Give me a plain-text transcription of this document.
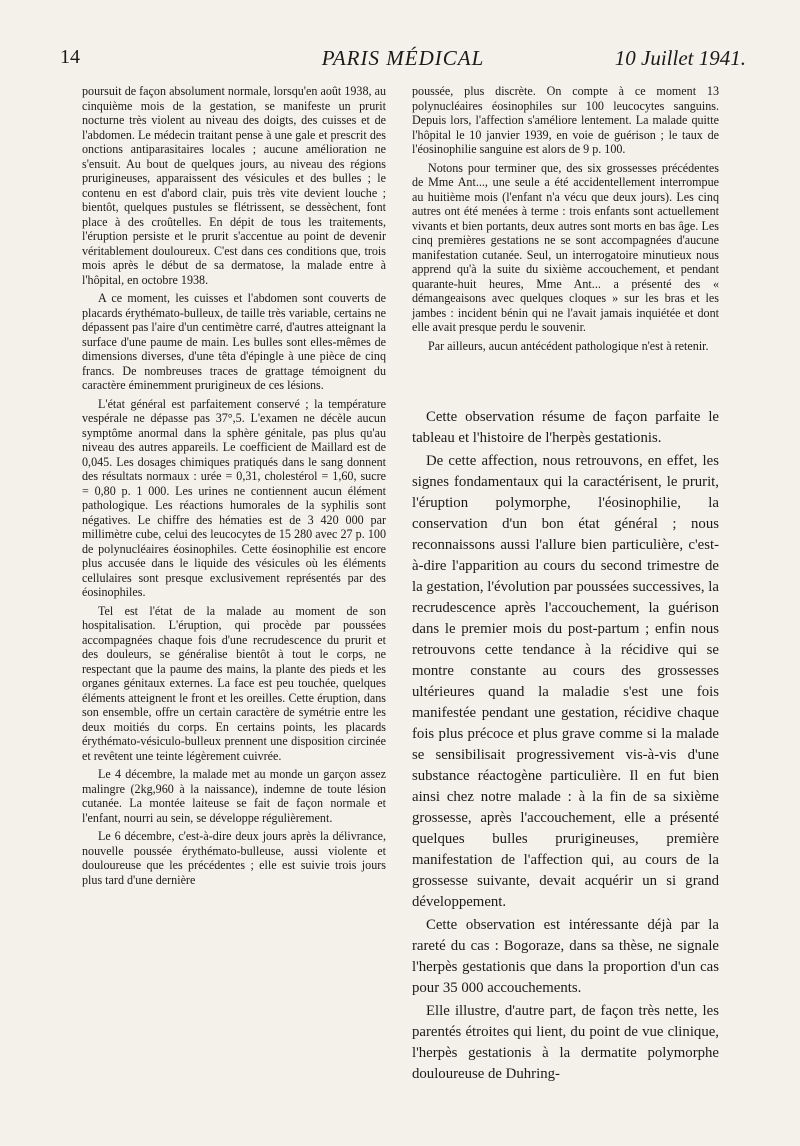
14	PARIS MÉDICAL	10 Juillet 1941.

poursuit de façon absolument normale, lorsqu'en août 1938, au cinquième mois de la gestation, se manifeste un prurit nocturne très violent au niveau des doigts, des cuisses et de l'abdomen. Le médecin traitant pense à une gale et prescrit des onctions antiparasitaires locales ; aucune amélioration ne s'ensuit. Au bout de quelques jours, au niveau des régions prurigineuses, apparaissent des vésicules et des bulles ; le contenu en est d'abord clair, puis très vite devient louche ; bientôt, quelques pustules se flétrissent, se dessèchent, font place à des croûtelles. En dépit de tous les traitements, l'éruption persiste et le prurit s'accentue au point de devenir véritablement douloureux. C'est dans ces conditions que, trois mois après le début de sa dermatose, la malade entre à l'hôpital, en octobre 1938.

A ce moment, les cuisses et l'abdomen sont couverts de placards érythémato-bulleux, de taille très variable, certains ne dépassent pas l'aire d'un centimètre carré, d'autres atteignant la surface d'une paume de main. Les bulles sont elles-mêmes de dimensions diverses, d'une têta d'épingle à une pièce de cinq francs. De nombreuses traces de grattage témoignent du caractère éminemment prurigineux de ces lésions.

L'état général est parfaitement conservé ; la température vespérale ne dépasse pas 37°,5. L'examen ne décèle aucun symptôme anormal dans la sphère génitale, pas plus qu'au niveau des autres appareils. Le coefficient de Maillard est de 0,045. Les dosages chimiques pratiqués dans le sang donnent des résultats normaux : urée = 0,31, cholestérol = 1,60, sucre = 0,80 p. 1 000. Les urines ne contiennent aucun élément pathologique. Les réactions humorales de la syphilis sont négatives. Le chiffre des hématies est de 3 420 000 par millimètre cube, celui des leucocytes de 15 280 avec 27 p. 100 de polynucléaires éosinophiles. Cette éosinophilie est encore plus accusée dans le liquide des vésicules où les éléments cellulaires sont presque exclusivement représentés par des éosinophiles.

Tel est l'état de la malade au moment de son hospitalisation. L'éruption, qui procède par poussées accompagnées chaque fois d'une recrudescence du prurit et des douleurs, se généralise bientôt à tout le corps, ne respectant que la paume des mains, la plante des pieds et les organes génitaux externes. La face est peu touchée, quelques éléments atteignent le front et les oreilles. Cette éruption, dans son ensemble, offre un certain caractère de symétrie entre les deux moitiés du corps. En certains points, les placards érythémato-vésiculo-bulleux prennent une disposition circinée et revêtent une teinte légèrement cuivrée.

Le 4 décembre, la malade met au monde un garçon assez malingre (2kg,960 à la naissance), indemne de toute lésion cutanée. La montée laiteuse se fait de façon normale et l'enfant, nourri au sein, se développe régulièrement.

Le 6 décembre, c'est-à-dire deux jours après la délivrance, nouvelle poussée érythémato-bulleuse, aussi violente et douloureuse que les précédentes ; elle est suivie trois jours plus tard d'une dernière

poussée, plus discrète. On compte à ce moment 13 polynucléaires éosinophiles sur 100 leucocytes sanguins. Depuis lors, l'affection s'améliore lentement. La malade quitte l'hôpital le 10 janvier 1939, en voie de guérison ; le taux de l'éosinophilie sanguine est alors de 9 p. 100.

Notons pour terminer que, des six grossesses précédentes de Mme Ant..., une seule a été accidentellement interrompue au huitième mois (l'enfant n'a vécu que deux jours). Les cinq autres ont été menées à terme : trois enfants sont actuellement vivants et bien portants, deux autres sont morts en bas âge. Les cinq premières gestations ne se sont accompagnées d'aucune manifestation cutanée. Seul, un interrogatoire minutieux nous apprend qu'à la suite du sixième accouchement, et pendant quarante-huit heures, Mme Ant... a présenté des « démangeaisons avec quelques cloques » sur les bras et les jambes : incident bénin qui ne l'avait jamais inquiétée et dont elle avait presque perdu le souvenir.

Par ailleurs, aucun antécédent pathologique n'est à retenir.

Cette observation résume de façon parfaite le tableau et l'histoire de l'herpès gestationis.

De cette affection, nous retrouvons, en effet, les signes fondamentaux qui la caractérisent, le prurit, l'éruption polymorphe, l'éosinophilie, la conservation d'un bon état général ; nous reconnaissons aussi l'allure bien particulière, c'est-à-dire l'apparition au cours du second trimestre de la gestation, l'évolution par poussées successives, la recrudescence après l'accouchement, la guérison dans le premier mois du post-partum ; enfin nous retrouvons cette tendance à la récidive qui se montre constante au cours des grossesses ultérieures quand la maladie s'est une fois manifestée pendant une gestation, récidive chaque fois plus précoce et plus grave comme si la malade se sensibilisait progressivement vis-à-vis d'une substance réactogène particulière. Il en fut bien ainsi chez notre malade : à la fin de sa sixième grossesse, après l'accouchement, elle a présenté quelques bulles prurigineuses, première manifestation de l'affection qui, au cours de la grossesse suivante, devait acquérir un si grand développement.

Cette observation est intéressante déjà par la rareté du cas : Bogoraze, dans sa thèse, ne signale l'herpès gestationis que dans la proportion d'un cas pour 35 000 accouchements.

Elle illustre, d'autre part, de façon très nette, les parentés étroites qui lient, du point de vue clinique, l'herpès gestationis à la dermatite polymorphe douloureuse de Duhring-
